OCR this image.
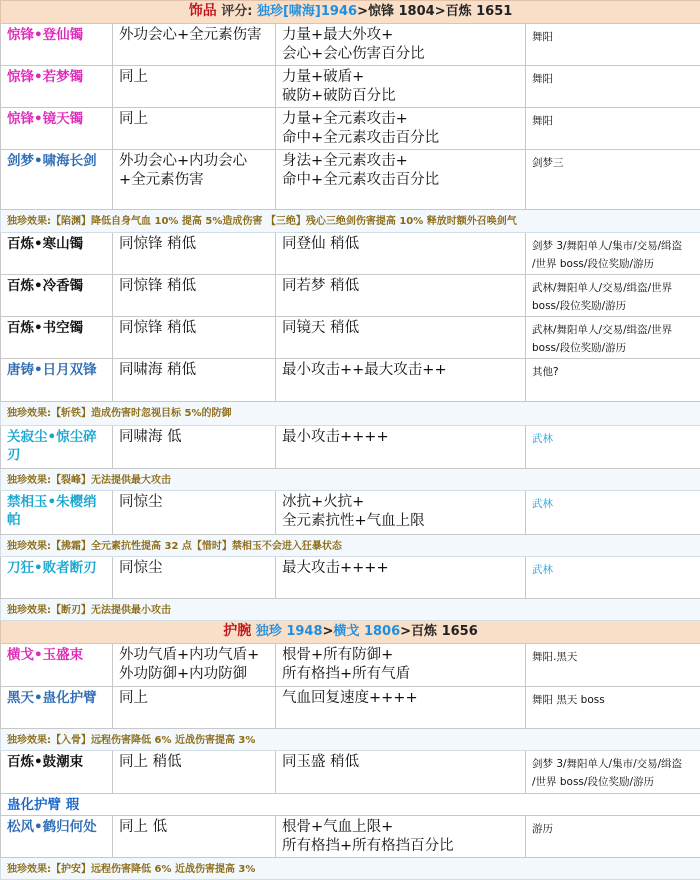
饰品 评分: 独珍[啸海]1946>惊锋 1804>百炼 1651			
惊锋•登仙镯	外功会心+全元素伤害	力量+最大外攻+
会心+会心伤害百分比	舞阳
惊锋•若梦镯	同上	力量+破盾+
破防+破防百分比	舞阳
惊锋•镜天镯	同上	力量+全元素攻击+
命中+全元素攻击百分比	舞阳
剑梦•啸海长剑	外功会心+内功会心
+全元素伤害	身法+全元素攻击+
命中+全元素攻击百分比	剑梦三
独珍效果:【陷渊】降低自身气血 10% 提高 5%造成伤害 【三绝】残心三绝剑伤害提高 10% 释放时额外召唤剑气			
百炼•寒山镯	同惊锋 稍低	同登仙 稍低	剑梦 3/舞阳单人/集市/交易/缉盗
/世界 boss/段位奖励/游历
百炼•冷香镯	同惊锋 稍低	同若梦 稍低	武林/舞阳单人/交易/缉盗/世界
boss/段位奖励/游历
百炼•书空镯	同惊锋 稍低	同镜天 稍低	武林/舞阳单人/交易/缉盗/世界
boss/段位奖励/游历
唐铸•日月双锋	同啸海 稍低	最小攻击++最大攻击++	其他?
独珍效果:【斩铁】造成伤害时忽视目标 5%的防御			
关寂尘•惊尘碎刃	同啸海 低	最小攻击++++	武林
独珍效果:【裂峰】无法提供最大攻击			
禁相玉•朱樱绡帕	同惊尘	冰抗+火抗+
全元素抗性+气血上限	武林
独珍效果:【拂霜】全元素抗性提高 32 点【惜时】禁相玉不会进入狂暴状态			
刀狂•败者断刃	同惊尘	最大攻击++++	武林
独珍效果:【断刃】无法提供最小攻击			
护腕 独珍 1948>横戈 1806>百炼 1656			
横戈•玉盛束	外功气盾+内功气盾+
外功防御+内功防御	根骨+所有防御+
所有格挡+所有气盾	舞阳.黑天
黑天•蛊化护臂	同上	气血回复速度++++	舞阳 黑天 boss
独珍效果:【入骨】远程伤害降低 6% 近战伤害提高 3%			
百炼•鼓潮束	同上 稍低	同玉盛 稍低	剑梦 3/舞阳单人/集市/交易/缉盗
/世界 boss/段位奖励/游历
蛊化护臂 瑕			
松风•鹤归何处	同上 低	根骨+气血上限+
所有格挡+所有格挡百分比	游历
独珍效果:【护安】远程伤害降低 6% 近战伤害提高 3%			
